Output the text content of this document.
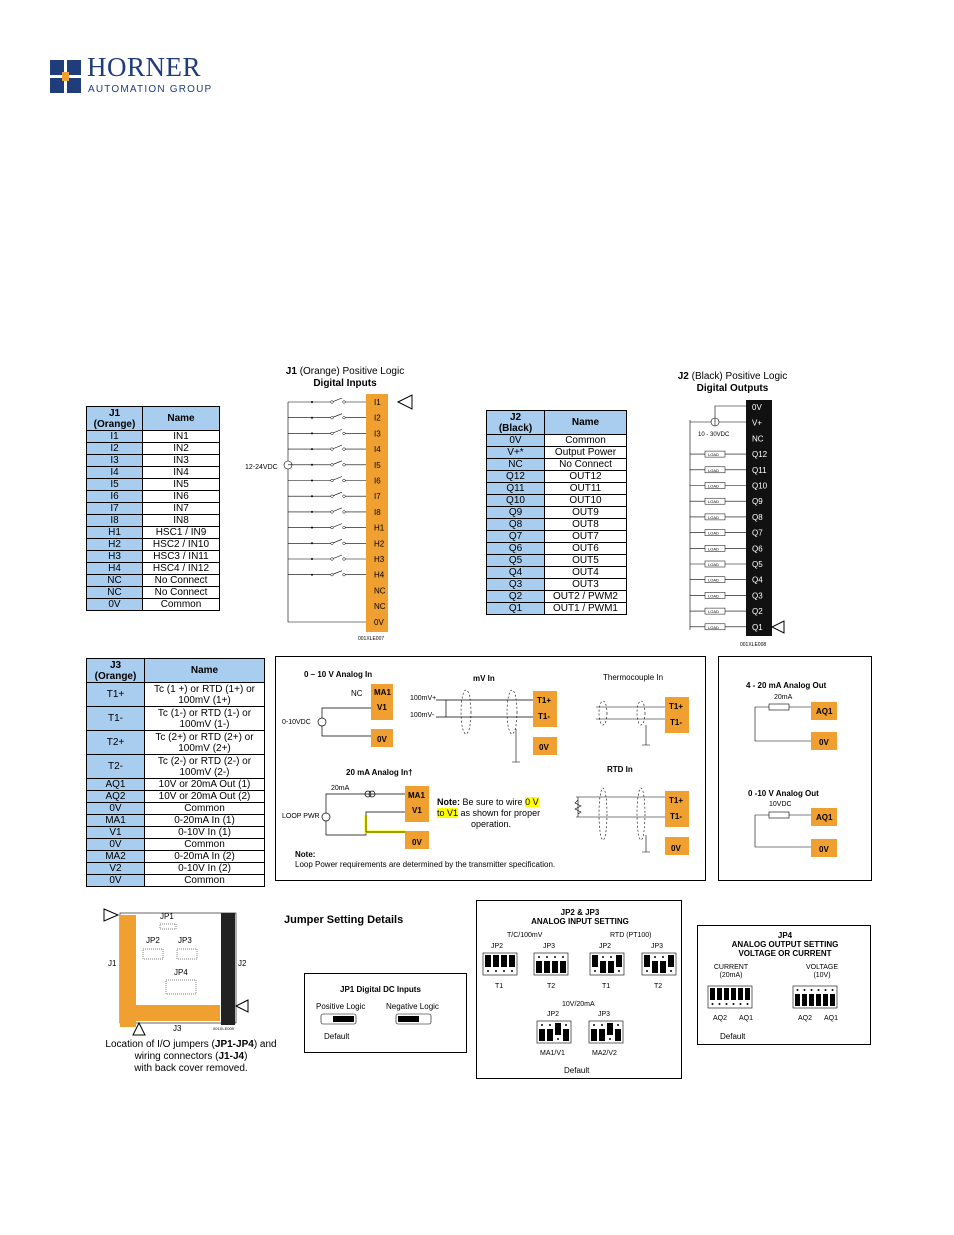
HORNER
AUTOMATION GROUP
J1
(Orange)	Name
I1	IN1
I2	IN2
I3	IN3
I4	IN4
I5	IN5
I6	IN6
I7	IN7
I8	IN8
H1	HSC1 / IN9
H2	HSC2 / IN10
H3	HSC3 / IN11
H4	HSC4 / IN12
NC	No Connect
NC	No Connect
0V	Common
J1 (Orange) Positive Logic
Digital Inputs
12-24VDC
I1
I2
I3
I4
I5
I6
I7
I8
H1
H2
H3
H4
NC
NC
0V
001XLE007
J2
(Black)	Name
0V	Common
V+*	Output Power
NC	No Connect
Q12	OUT12
Q11	OUT11
Q10	OUT10
Q9	OUT9
Q8	OUT8
Q7	OUT7
Q6	OUT6
Q5	OUT5
Q4	OUT4
Q3	OUT3
Q2	OUT2 / PWM2
Q1	OUT1 / PWM1
J2 (Black) Positive Logic
Digital Outputs
10 - 30VDC
0V
V+
NC
Q12
LOAD
Q11
LOAD
Q10
LOAD
Q9
LOAD
Q8
LOAD
Q7
LOAD
Q6
LOAD
Q5
LOAD
Q4
LOAD
Q3
LOAD
Q2
LOAD
Q1
LOAD
001XLE008
J3
(Orange)	Name
T1+	Tc (1 +) or RTD (1+) or
100mV (1+)
T1-	Tc (1-) or RTD (1-) or
100mV (1-)
T2+	Tc (2+) or RTD (2+) or
100mV (2+)
T2-	Tc (2-) or RTD (2-) or
100mV (2-)
AQ1	10V or 20mA Out (1)
AQ2	10V or 20mA Out (2)
0V	Common
MA1	0-20mA In (1)
V1	0-10V In (1)
0V	Common
MA2	0-20mA In (2)
V2	0-10V In (2)
0V	Common
0 – 10 V Analog In
NC
0-10VDC
mV In
100mV+
100mV-
Thermocouple In
20 mA Analog In†
20mA
LOOP PWR
RTD In
Note: Be sure to wire 0 V
to V1 as shown for proper
operation.
Note:
Loop Power requirements are determined by the transmitter specification.
MA1
V1
0V
T1+
T1-
0V
T1+
T1-
MA1
V1
0V
T1+
T1-
0V
4 - 20 mA Analog Out
20mA
0 -10 V Analog Out
10VDC
AQ1
0V
AQ1
0V
JP1
JP2 JP3
JP4
J1	J2
J3	001XLE009
Location of I/O jumpers (JP1-JP4) and
wiring connectors (J1-J4)
with back cover removed.
Jumper Setting Details
JP1 Digital DC Inputs
Positive Logic	Negative Logic
Default
JP2 & JP3
ANALOG INPUT SETTING
T/C/100mV	RTD (PT100)
JP2	JP3	JP2	JP3
T1	T2	T1	T2
10V/20mA
JP2	JP3
MA1/V1	MA2/V2
Default
JP4
ANALOG OUTPUT SETTING
VOLTAGE OR CURRENT
CURRENT
(20mA)
VOLTAGE
(10V)
AQ2 AQ1	AQ2 AQ1
Default
